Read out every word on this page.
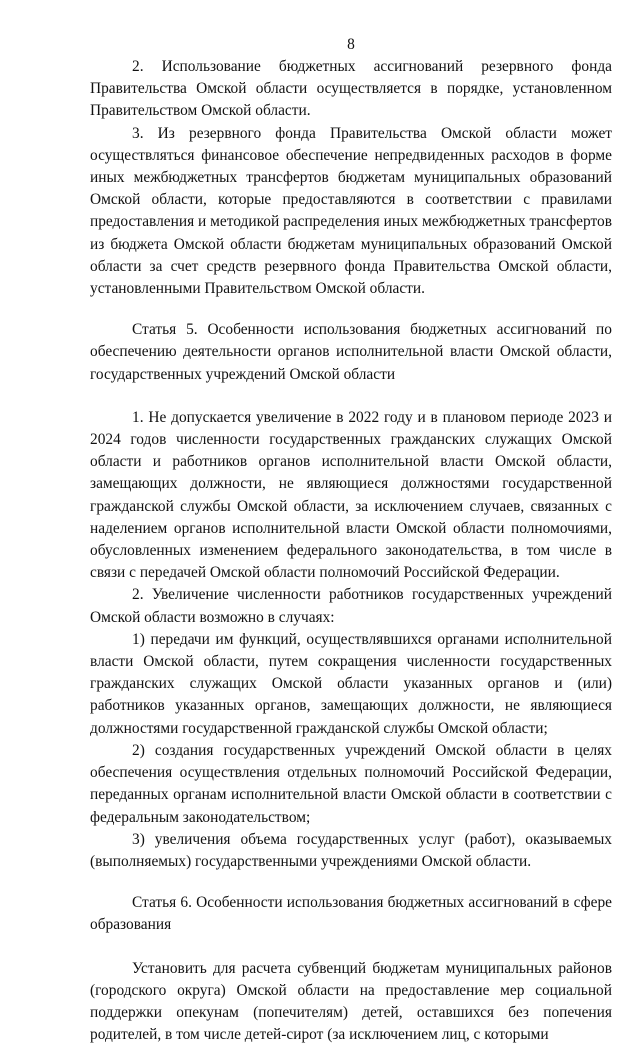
8

2. Использование бюджетных ассигнований резервного фонда Правительства Омской области осуществляется в порядке, установленном Правительством Омской области.

3. Из резервного фонда Правительства Омской области может осуществляться финансовое обеспечение непредвиденных расходов в форме иных межбюджетных трансфертов бюджетам муниципальных образований Омской области, которые предоставляются в соответствии с правилами предоставления и методикой распределения иных межбюджетных трансфертов из бюджета Омской области бюджетам муниципальных образований Омской области за счет средств резервного фонда Правительства Омской области, установленными Правительством Омской области.

Статья 5. Особенности использования бюджетных ассигнований по обеспечению деятельности органов исполнительной власти Омской области, государственных учреждений Омской области

1. Не допускается увеличение в 2022 году и в плановом периоде 2023 и 2024 годов численности государственных гражданских служащих Омской области и работников органов исполнительной власти Омской области, замещающих должности, не являющиеся должностями государственной гражданской службы Омской области, за исключением случаев, связанных с наделением органов исполнительной власти Омской области полномочиями, обусловленных изменением федерального законодательства, в том числе в связи с передачей Омской области полномочий Российской Федерации.

2. Увеличение численности работников государственных учреждений Омской области возможно в случаях:

1) передачи им функций, осуществлявшихся органами исполнительной власти Омской области, путем сокращения численности государственных гражданских служащих Омской области указанных органов и (или) работников указанных органов, замещающих должности, не являющиеся должностями государственной гражданской службы Омской области;

2) создания государственных учреждений Омской области в целях обеспечения осуществления отдельных полномочий Российской Федерации, переданных органам исполнительной власти Омской области в соответствии с федеральным законодательством;

3) увеличения объема государственных услуг (работ), оказываемых (выполняемых) государственными учреждениями Омской области.

Статья 6. Особенности использования бюджетных ассигнований в сфере образования

Установить для расчета субвенций бюджетам муниципальных районов (городского округа) Омской области на предоставление мер социальной поддержки опекунам (попечителям) детей, оставшихся без попечения родителей, в том числе детей-сирот (за исключением лиц, с которыми
